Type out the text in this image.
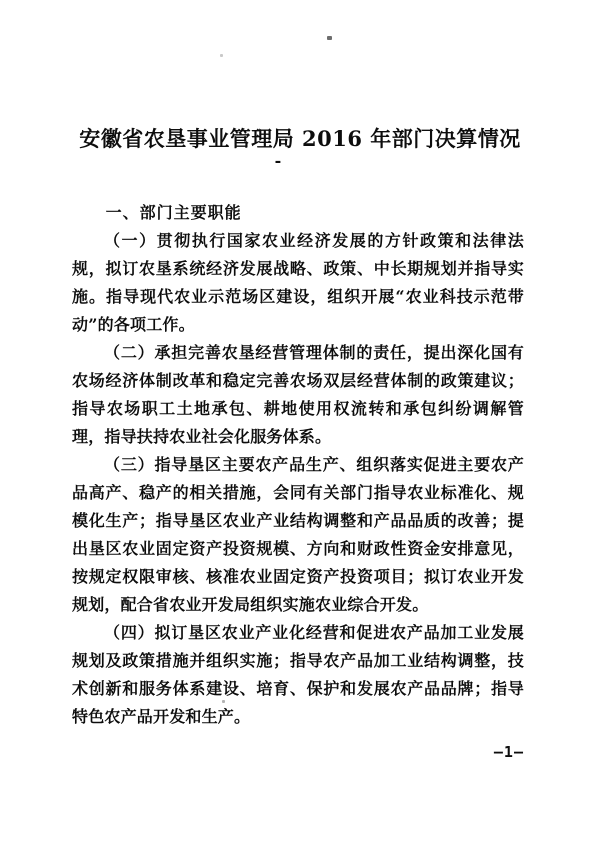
安徽省农垦事业管理局 2016 年部门决算情况
-
一、部门主要职能

（一）贯彻执行国家农业经济发展的方针政策和法律法规，拟订农垦系统经济发展战略、政策、中长期规划并指导实施。指导现代农业示范场区建设，组织开展“农业科技示范带动”的各项工作。

（二）承担完善农垦经营管理体制的责任，提出深化国有农场经济体制改革和稳定完善农场双层经营体制的政策建议；指导农场职工土地承包、耕地使用权流转和承包纠纷调解管理，指导扶持农业社会化服务体系。

（三）指导垦区主要农产品生产、组织落实促进主要农产品高产、稳产的相关措施，会同有关部门指导农业标准化、规模化生产；指导垦区农业产业结构调整和产品品质的改善；提出垦区农业固定资产投资规模、方向和财政性资金安排意见，按规定权限审核、核准农业固定资产投资项目；拟订农业开发规划，配合省农业开发局组织实施农业综合开发。

（四）拟订垦区农业产业化经营和促进农产品加工业发展规划及政策措施并组织实施；指导农产品加工业结构调整，技术创新和服务体系建设、培育、保护和发展农产品品牌；指导特色农产品开发和生产。

–1–
